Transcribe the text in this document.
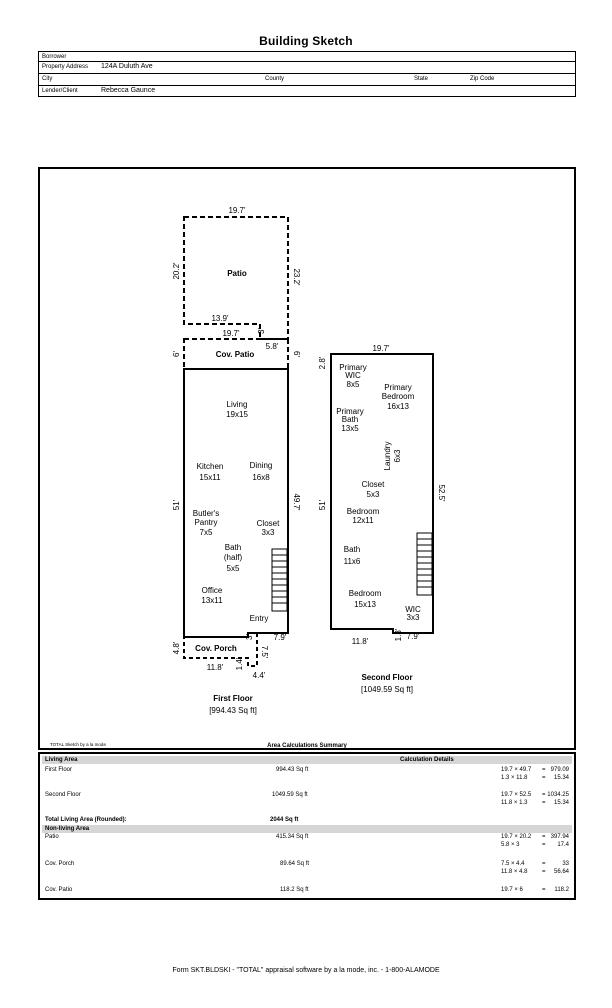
Building Sketch
Borrower
Property Address 124A Duluth Ave
City	County	State	Zip Code
Lender/Client	Rebecca Gaunce
Patio
19.7'
20.2'	23.2'
13.9'
19.7' 3'
Cov. Patio
6'	6'
5.8'
Living
19x15
Kitchen
15x11
Dining
16x8
Butler's
Pantry
7x5
Closet
3x3
Bath
(half)
5x5
Office
13x11
Entry
51'	49.7'
7.9'
Cov. Porch
4.8'
11.8'
3'
1.4'
7.5'
4.4'
First Floor
[994.43 Sq ft]
19.7'
2.8'
51'
52.5'
11.8'
1.3' 7.9'
Primary
WIC
8x5	Primary
Bedroom
16x13
Primary
Bath
13x5
Laundry 6x3
Closet
5x3
Bedroom
12x11
Bath
11x6
Bedroom
15x13
WIC
3x3
Second Floor
[1049.59 Sq ft]
TOTAL Sketch by a la mode	Area Calculations Summary
Living Area	Calculation Details
First Floor	994.43 Sq ft	19.7 × 49.7 = 979.09
1.3 × 11.8 = 15.34
Second Floor	1049.59 Sq ft	19.7 × 52.5 = 1034.25
11.8 × 1.3 = 15.34
Total Living Area (Rounded):	2044 Sq ft
Non-living Area
Patio	415.34 Sq ft	19.7 × 20.2 = 397.94
5.8 × 3	= 17.4
Cov. Porch	89.64 Sq ft	7.5 × 4.4	=	33
11.8 × 4.8 = 56.64
Cov. Patio	118.2 Sq ft	19.7 × 6	= 118.2
Form SKT.BLDSKI - "TOTAL" appraisal software by a la mode, inc. - 1-800-ALAMODE
